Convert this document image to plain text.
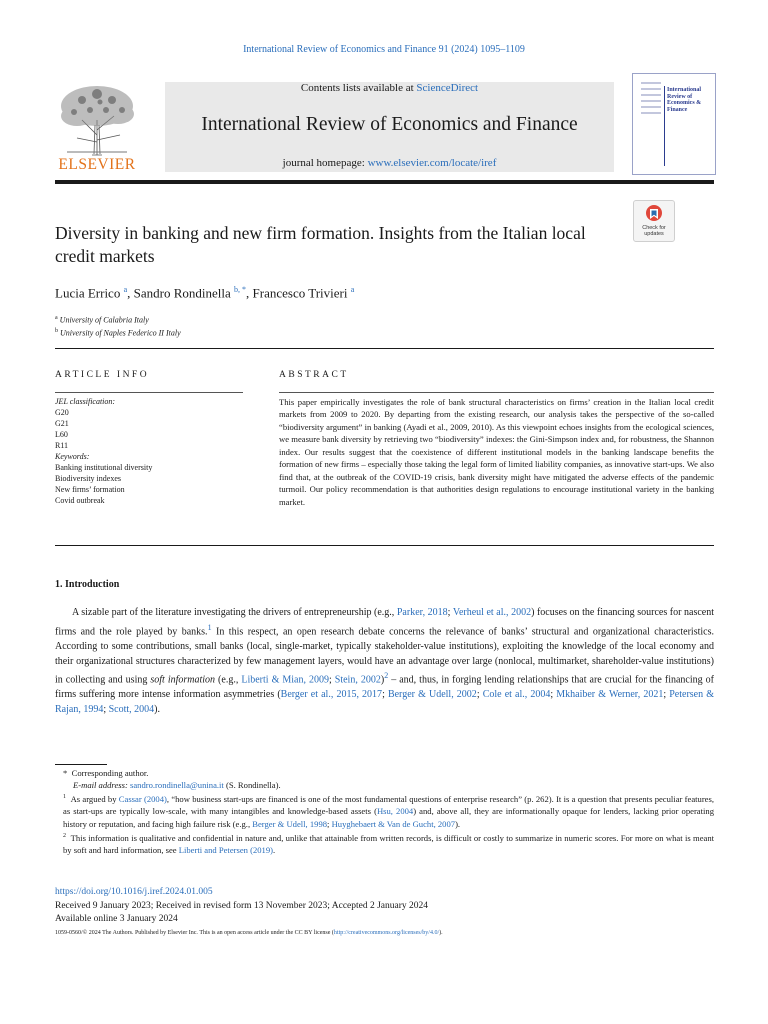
International Review of Economics and Finance 91 (2024) 1095–1109
ELSEVIER
Contents lists available at ScienceDirect
International Review of Economics and Finance
journal homepage: www.elsevier.com/locate/iref
International Review of Economics & Finance
Diversity in banking and new firm formation. Insights from the Italian local credit markets
Check for updates
Lucia Errico $^a$, Sandro Rondinella $^{b, *}$, Francesco Trivieri $^a$
$^a$ University of Calabria Italy
$^b$ University of Naples Federico II Italy
ARTICLE INFO	ABSTRACT
JEL classification:
G20
G21
L60
R11
Keywords:
Banking institutional diversity
Biodiversity indexes
New firms’ formation
Covid outbreak
This paper empirically investigates the role of bank structural characteristics on firms’ creation in the Italian local credit markets from 2009 to 2020. By departing from the existing research, our analysis takes the perspective of the so-called “biodiversity argument” in banking (Ayadi et al., 2009, 2010). As this viewpoint echoes insights from the ecological sciences, we measure bank diversity by retrieving two “biodiversity” indexes: the Gini-Simpson index and, for robustness, the Shannon index. Our results suggest that the coexistence of different institutional models in the banking landscape benefits the formation of new firms – especially those taking the legal form of limited liability companies, as innovative start-ups. We also find that, at the outbreak of the COVID-19 crisis, bank diversity might have mitigated the adverse effects of the pandemic turmoil. Our policy recommendation is that authorities design regulations to encourage institutional variety in the banking market.
1. Introduction

A sizable part of the literature investigating the drivers of entrepreneurship (e.g., Parker, 2018; Verheul et al., 2002) focuses on the financing sources for nascent firms and the role played by banks.$^1$ In this respect, an open research debate concerns the relevance of banks’ structural and organizational characteristics. According to some contributions, small banks (local, single-market, typically stakeholder-value institutions), exploiting the knowledge of the local economy and their organizational structures characterized by few management layers, would have an advantage over large (nonlocal, multimarket, shareholder-value institutions) in collecting and using soft information (e.g., Liberti & Mian, 2009; Stein, 2002)$^2$ – and, thus, in forging lending relationships that are crucial for the financing of firms suffering more intense information asymmetries (Berger et al., 2015, 2017; Berger & Udell, 2002; Cole et al., 2004; Mkhaiber & Werner, 2021; Petersen & Rajan, 1994; Scott, 2004).

* Corresponding author.
E-mail address: sandro.rondinella@unina.it (S. Rondinella).
$^1$ As argued by Cassar (2004), “how business start-ups are financed is one of the most fundamental questions of enterprise research” (p. 262). It is a question that presents peculiar features, as start-ups are typically low-scale, with many intangibles and knowledge-based assets (Hsu, 2004) and, above all, they are informationally opaque for lenders, lacking prior operating history or reputation, and facing high failure risk (e.g., Berger & Udell, 1998; Huyghebaert & Van de Gucht, 2007).
$^2$ This information is qualitative and confidential in nature and, unlike that attainable from written records, is difficult or costly to summarize in numeric scores. For more on what is meant by soft and hard information, see Liberti and Petersen (2019).
https://doi.org/10.1016/j.iref.2024.01.005
Received 9 January 2023; Received in revised form 13 November 2023; Accepted 2 January 2024
Available online 3 January 2024
1059-0560/© 2024 The Authors. Published by Elsevier Inc. This is an open access article under the CC BY license (http://creativecommons.org/licenses/by/4.0/).
